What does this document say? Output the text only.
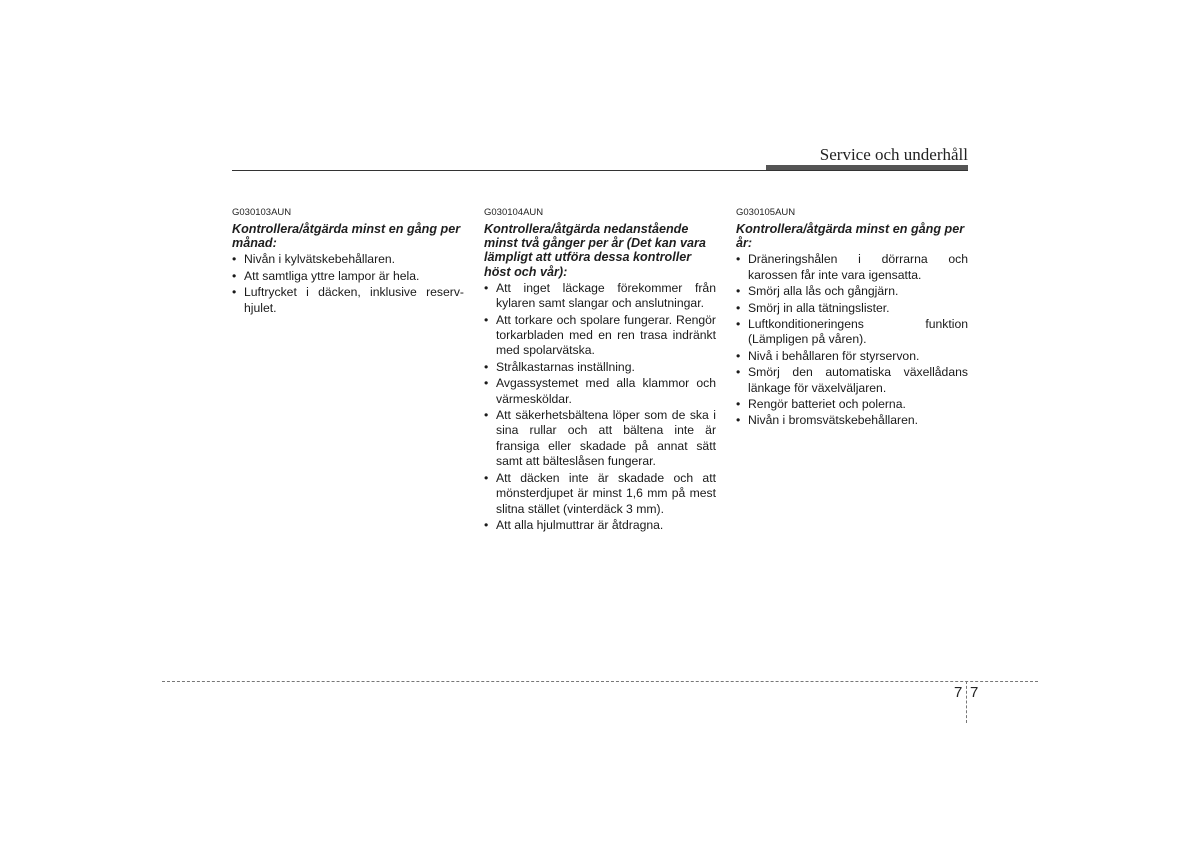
Service och underhåll
G030103AUN
Kontrollera/åtgärda minst en gång per månad:
• Nivån i kylvätskebehållaren.
• Att samtliga yttre lampor är hela.
• Luftrycket i däcken, inklusive reserv-hjulet.
G030104AUN
Kontrollera/åtgärda nedanstående minst två gånger per år (Det kan vara lämpligt att utföra dessa kontroller höst och vår):
• Att inget läckage förekommer från kylaren samt slangar och anslutningar.
• Att torkare och spolare fungerar. Rengör torkarbladen med en ren trasa indränkt med spolarvätska.
• Strålkastarnas inställning.
• Avgassystemet med alla klammor och värmesköldar.
• Att säkerhetsbältena löper som de ska i sina rullar och att bältena inte är fransiga eller skadade på annat sätt samt att bälteslåsen fungerar.
• Att däcken inte är skadade och att mönsterdjupet är minst 1,6 mm på mest slitna stället (vinterdäck 3 mm).
• Att alla hjulmuttrar är åtdragna.
G030105AUN
Kontrollera/åtgärda minst en gång per år:
• Dräneringshålen i dörrarna och karossen får inte vara igensatta.
• Smörj alla lås och gångjärn.
• Smörj in alla tätningslister.
• Luftkonditioneringens funktion (Lämpligen på våren).
• Nivå i behållaren för styrservon.
• Smörj den automatiska växellådans länkage för växelväljaren.
• Rengör batteriet och polerna.
• Nivån i bromsvätskebehållaren.
7 7
